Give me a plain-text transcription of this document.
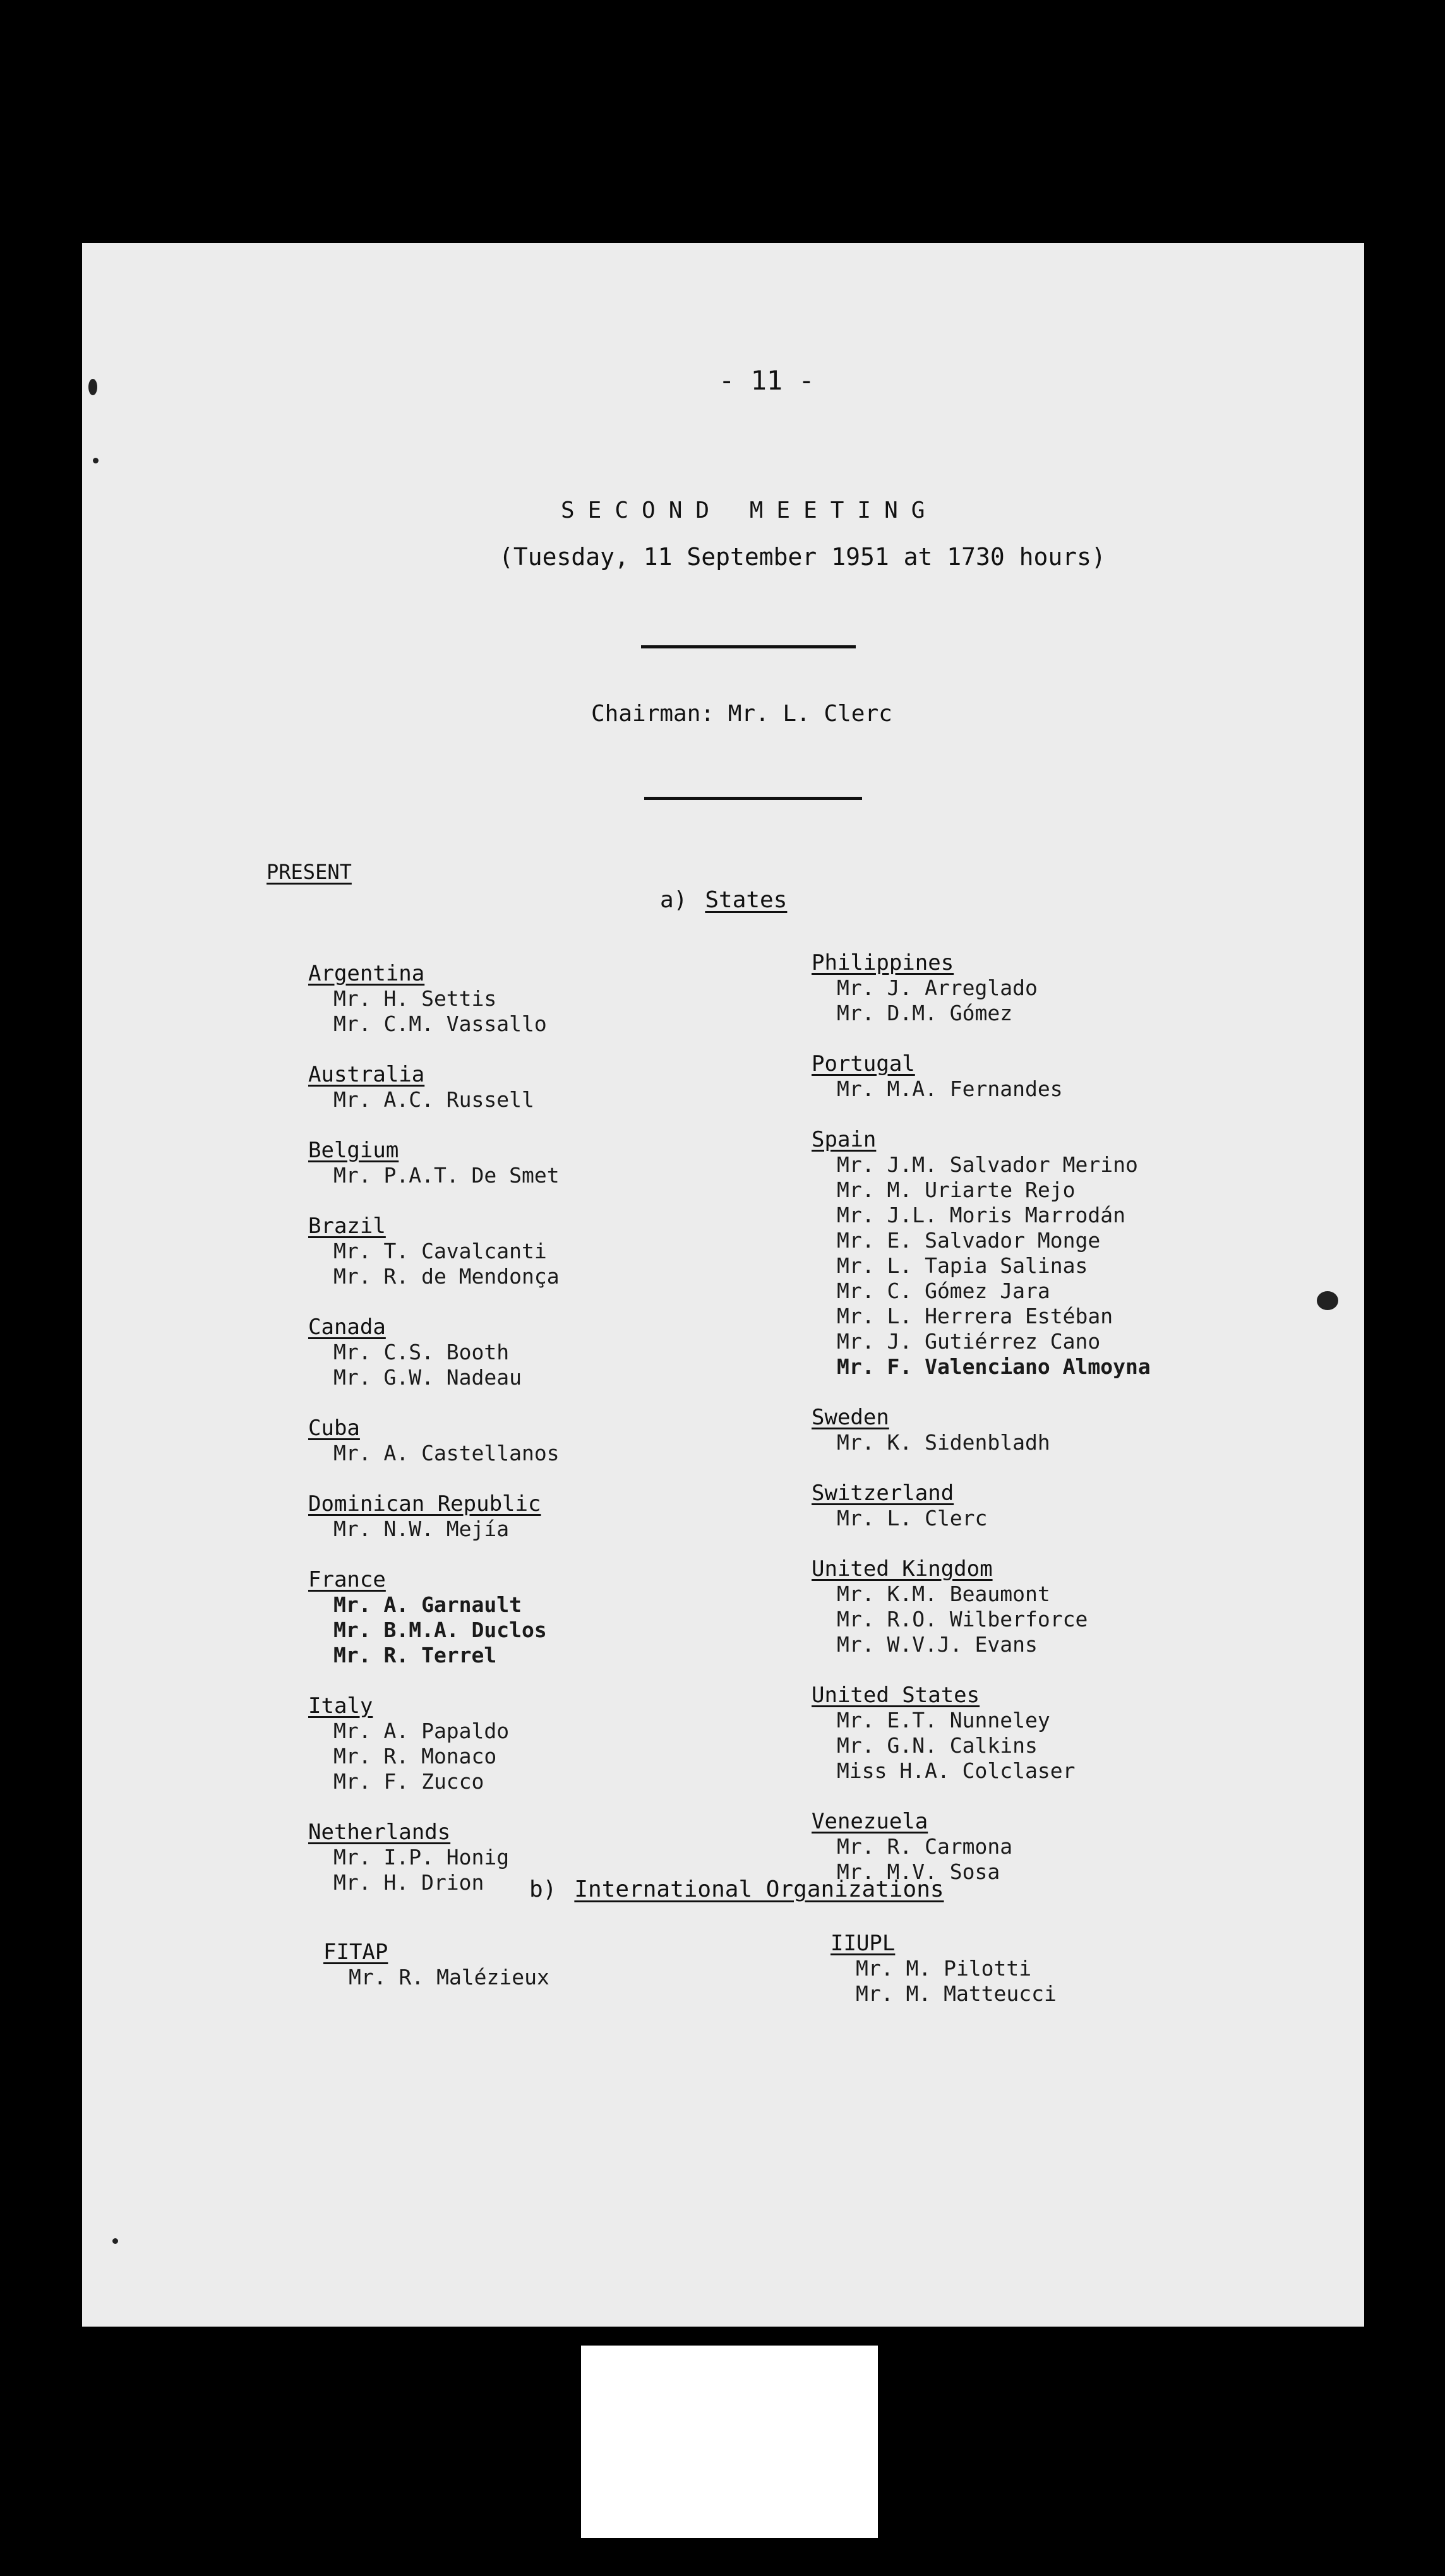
- 11 -
SECOND MEETING
(Tuesday, 11 September 1951 at 1730 hours)
Chairman: Mr. L. Clerc
PRESENT
a) States
Argentina
Mr. H. Settis
Mr. C.M. Vassallo
Australia
Mr. A.C. Russell
Belgium
Mr. P.A.T. De Smet
Brazil
Mr. T. Cavalcanti
Mr. R. de Mendonça
Canada
Mr. C.S. Booth
Mr. G.W. Nadeau
Cuba
Mr. A. Castellanos
Dominican Republic
Mr. N.W. Mejía
France
Mr. A. Garnault
Mr. B.M.A. Duclos
Mr. R. Terrel
Italy
Mr. A. Papaldo
Mr. R. Monaco
Mr. F. Zucco
Netherlands
Mr. I.P. Honig
Mr. H. Drion
Philippines
Mr. J. Arreglado
Mr. D.M. Gómez
Portugal
Mr. M.A. Fernandes
Spain
Mr. J.M. Salvador Merino
Mr. M. Uriarte Rejo
Mr. J.L. Moris Marrodán
Mr. E. Salvador Monge
Mr. L. Tapia Salinas
Mr. C. Gómez Jara
Mr. L. Herrera Estéban
Mr. J. Gutiérrez Cano
Mr. F. Valenciano Almoyna
Sweden
Mr. K. Sidenbladh
Switzerland
Mr. L. Clerc
United Kingdom
Mr. K.M. Beaumont
Mr. R.O. Wilberforce
Mr. W.V.J. Evans
United States
Mr. E.T. Nunneley
Mr. G.N. Calkins
Miss H.A. Colclaser
Venezuela
Mr. R. Carmona
Mr. M.V. Sosa
b) International Organizations
FITAP
Mr. R. Malézieux
IIUPL
Mr. M. Pilotti
Mr. M. Matteucci
